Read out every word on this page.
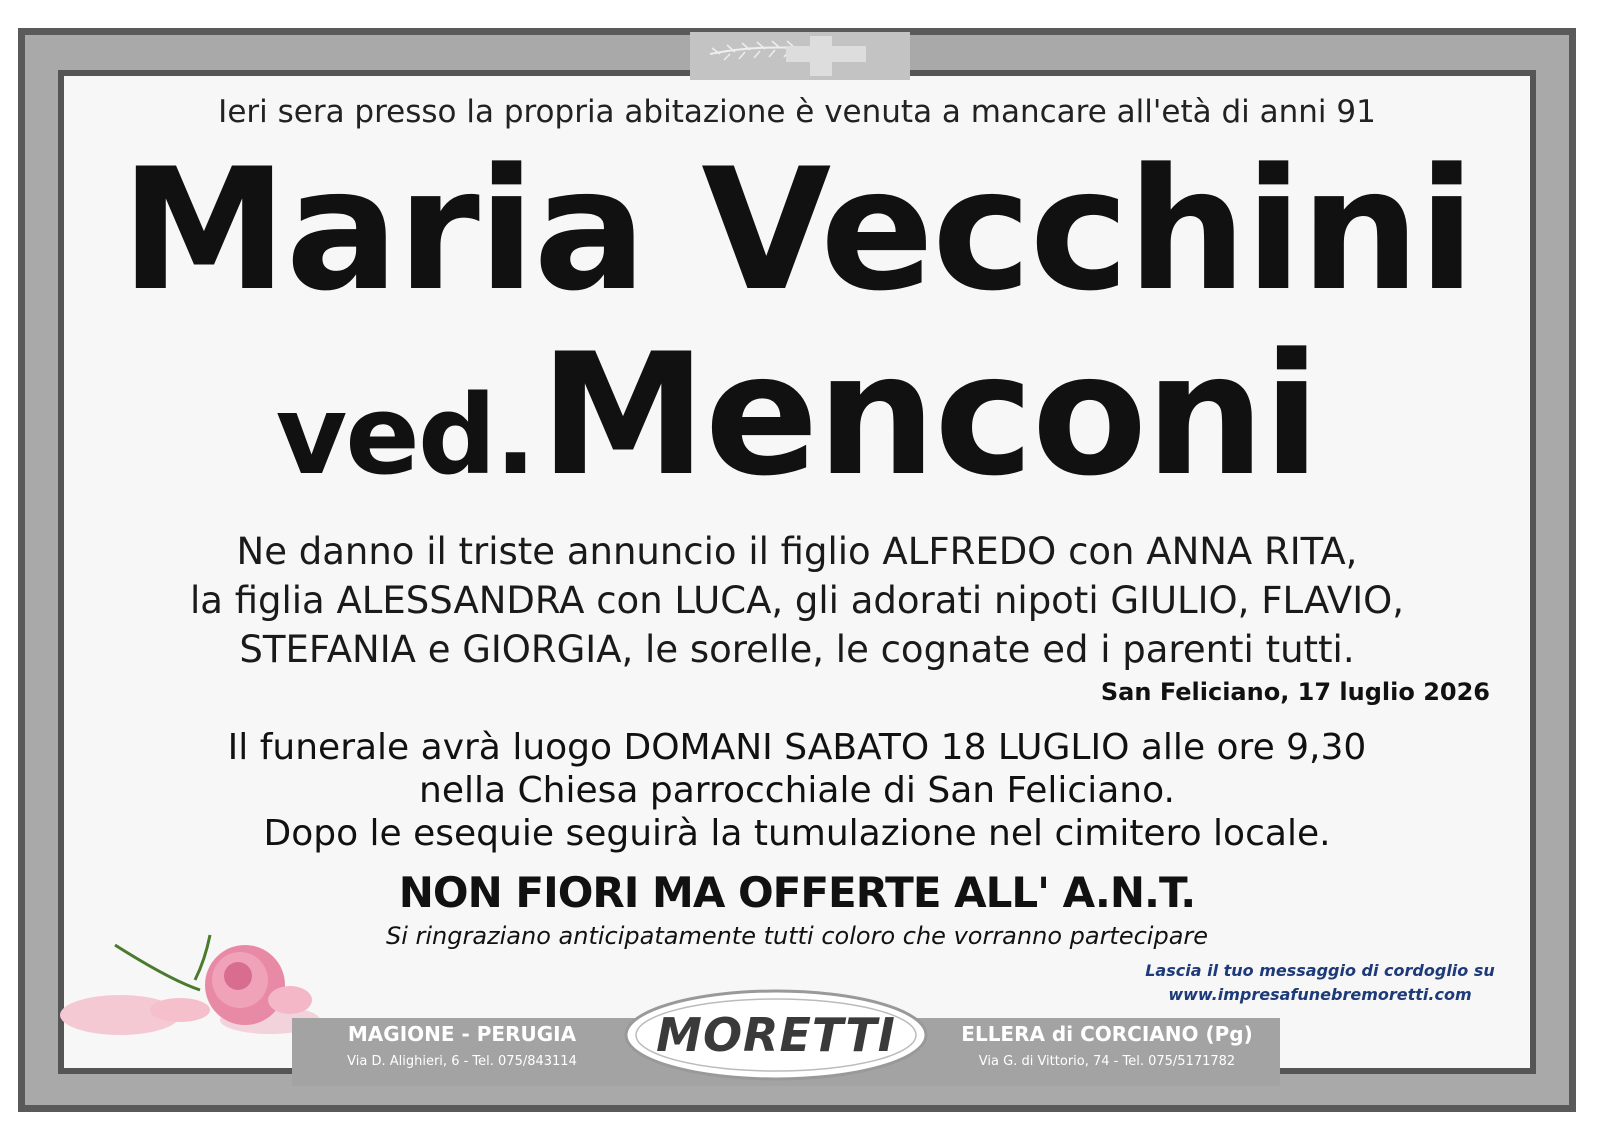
Ieri sera presso la propria abitazione è venuta a mancare all'età di anni 91
Maria Vecchini
ved. Menconi
Ne danno il triste annuncio il figlio ALFREDO con ANNA RITA,
la figlia ALESSANDRA con LUCA, gli adorati nipoti GIULIO, FLAVIO,
STEFANIA e GIORGIA, le sorelle, le cognate ed i parenti tutti.
San Feliciano, 17 luglio 2026
Il funerale avrà luogo DOMANI SABATO 18 LUGLIO alle ore 9,30
nella Chiesa parrocchiale di San Feliciano.
Dopo le esequie seguirà la tumulazione nel cimitero locale.
NON FIORI MA OFFERTE ALL' A.N.T.
Si ringraziano anticipatamente tutti coloro che vorranno partecipare
Lascia il tuo messaggio di cordoglio su
www.impresafunebremoretti.com
MAGIONE - PERUGIA
Via D. Alighieri, 6 - Tel. 075/843114
ELLERA di CORCIANO (Pg)
Via G. di Vittorio, 74 - Tel. 075/5171782
MORETTI
